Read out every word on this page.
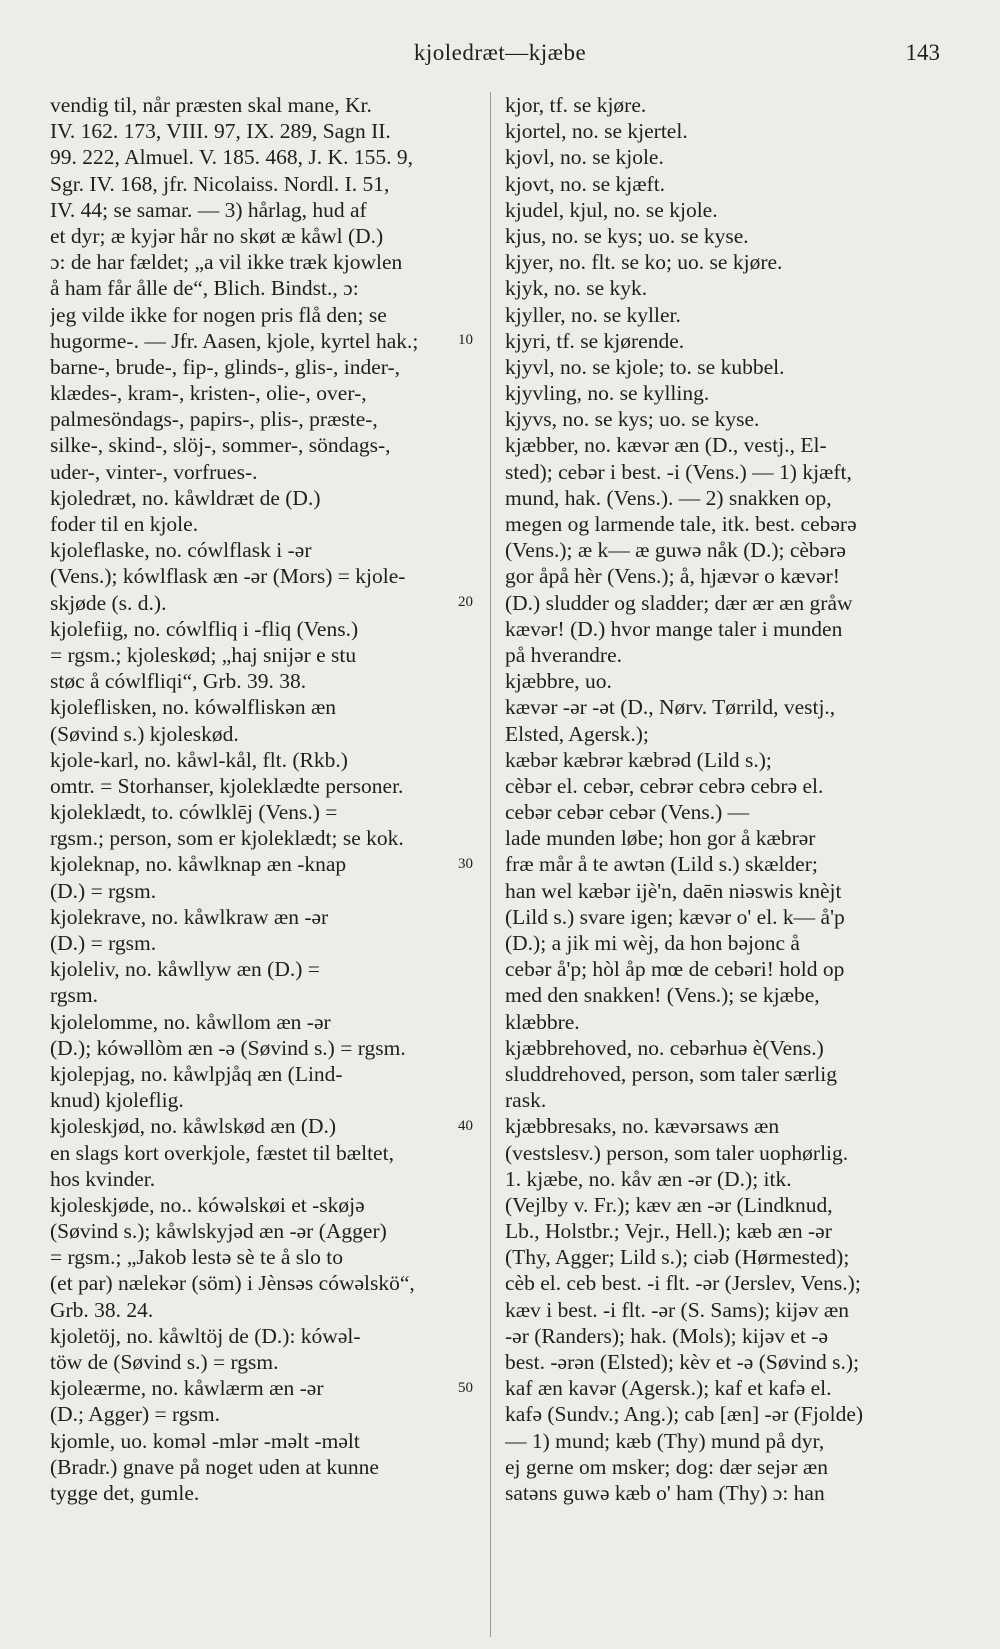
kjoledræt—kjæbe	143
vendig til, når præsten skal mane, Kr.
IV. 162. 173, VIII. 97, IX. 289, Sagn II.
99. 222, Almuel. V. 185. 468, J. K. 155. 9,
Sgr. IV. 168, jfr. Nicolaiss. Nordl. I. 51,
IV. 44; se samar. — 3) hårlag, hud af
et dyr; æ kyjər hår no skøt æ kåwl (D.)
ɔ: de har fældet; „a vil ikke træk kjowlen
å ham får ålle de“, Blich. Bindst., ɔ:
jeg vilde ikke for nogen pris flå den; se
hugorme-. — Jfr. Aasen, kjole, kyrtel hak.;
barne-, brude-, fip-, glinds-, glis-, inder-,
klædes-, kram-, kristen-, olie-, over-,
palmesöndags-, papirs-, plis-, præste-,
silke-, skind-, slöj-, sommer-, söndags-,
uder-, vinter-, vorfrues-.
kjoledræt, no. kåwldræt de (D.)
foder til en kjole.
kjoleflaske, no. cówlflask i -ər
(Vens.); kówlflask æn -ər (Mors) = kjole-
skjøde (s. d.).
kjolefiig, no. cówlfliq i -fliq (Vens.)
= rgsm.; kjoleskød; „haj snijər e stu
støc å cówlfliqi“, Grb. 39. 38.
kjoleflisken, no. kówəlfliskən æn
(Søvind s.) kjoleskød.
kjole-karl, no. kåwl-kål, flt. (Rkb.)
omtr. = Storhanser, kjoleklædte personer.
kjoleklædt, to. cówlklēj (Vens.) =
rgsm.; person, som er kjoleklædt; se kok.
kjoleknap, no. kåwlknap æn -knap
(D.) = rgsm.
kjolekrave, no. kåwlkraw æn -ər
(D.) = rgsm.
kjoleliv, no. kåwllyw æn (D.) =
rgsm.
kjolelomme, no. kåwllom æn -ər
(D.); kówəllòm æn -ə (Søvind s.) = rgsm.
kjolepjag, no. kåwlpjåq æn (Lind-
knud) kjoleflig.
kjoleskjød, no. kåwlskød æn (D.)
en slags kort overkjole, fæstet til bæltet,
hos kvinder.
kjoleskjøde, no.. kówəlskøi et -skøjə
(Søvind s.); kåwlskyjəd æn -ər (Agger)
= rgsm.; „Jakob lestə sè te å slo to
(et par) nælekər (söm) i Jènsəs cówəlskö“,
Grb. 38. 24.
kjoletöj, no. kåwltöj de (D.): kówəl-
töw de (Søvind s.) = rgsm.
kjoleærme, no. kåwlærm æn -ər
(D.; Agger) = rgsm.
kjomle, uo. koməl -mlər -məlt -məlt
(Bradr.) gnave på noget uden at kunne
tygge det, gumle.
kjor, tf. se kjøre.
kjortel, no. se kjertel.
kjovl, no. se kjole.
kjovt, no. se kjæft.
kjudel, kjul, no. se kjole.
kjus, no. se kys; uo. se kyse.
kjyer, no. flt. se ko; uo. se kjøre.
kjyk, no. se kyk.
kjyller, no. se kyller.
kjyri, tf. se kjørende.
kjyvl, no. se kjole; to. se kubbel.
kjyvling, no. se kylling.
kjyvs, no. se kys; uo. se kyse.
kjæbber, no. kævər æn (D., vestj., El-
sted); cebər i best. -i (Vens.) — 1) kjæft,
mund, hak. (Vens.). — 2) snakken op,
megen og larmende tale, itk. best. cebərə
(Vens.); æ k— æ guwə nåk (D.); cèbərə
gor åpå hèr (Vens.); å, hjævər o kævər!
(D.) sludder og sladder; dær ær æn gråw
kævər! (D.) hvor mange taler i munden
på hverandre.
kjæbbre, uo.
kævər -ər -ət (D., Nørv. Tørrild, vestj.,
Elsted, Agersk.);
kæbər kæbrər kæbrəd (Lild s.);
cèbər el. cebər, cebrər cebrə cebrə el.
cebər cebər cebər (Vens.) —
lade munden løbe; hon gor å kæbrər
fræ mår å te awtən (Lild s.) skælder;
han wel kæbər ijè'n, daēn niəswis knèjt
(Lild s.) svare igen; kævər o' el. k— å'p
(D.); a jik mi wèj, da hon bəjonc å
cebər å'p; hòl åp mœ de cebəri! hold op
med den snakken! (Vens.); se kjæbe,
klæbbre.
kjæbbrehoved, no. cebərhuə è(Vens.)
sluddrehoved, person, som taler særlig
rask.
kjæbbresaks, no. kævərsaws æn
(vestslesv.) person, som taler uophørlig.
1. kjæbe, no. kåv æn -ər (D.); itk.
(Vejlby v. Fr.); kæv æn -ər (Lindknud,
Lb., Holstbr.; Vejr., Hell.); kæb æn -ər
(Thy, Agger; Lild s.); ciəb (Hørmested);
cèb el. ceb best. -i flt. -ər (Jerslev, Vens.);
kæv i best. -i flt. -ər (S. Sams); kijəv æn
-ər (Randers); hak. (Mols); kijəv et -ə
best. -ərən (Elsted); kèv et -ə (Søvind s.);
kaf æn kavər (Agersk.); kaf et kafə el.
kafə (Sundv.; Ang.); cab [æn] -ər (Fjolde)
— 1) mund; kæb (Thy) mund på dyr,
ej gerne om msker; dog: dær sejər æn
satəns guwə kæb o' ham (Thy) ɔ: han
10
20
30
40
50
